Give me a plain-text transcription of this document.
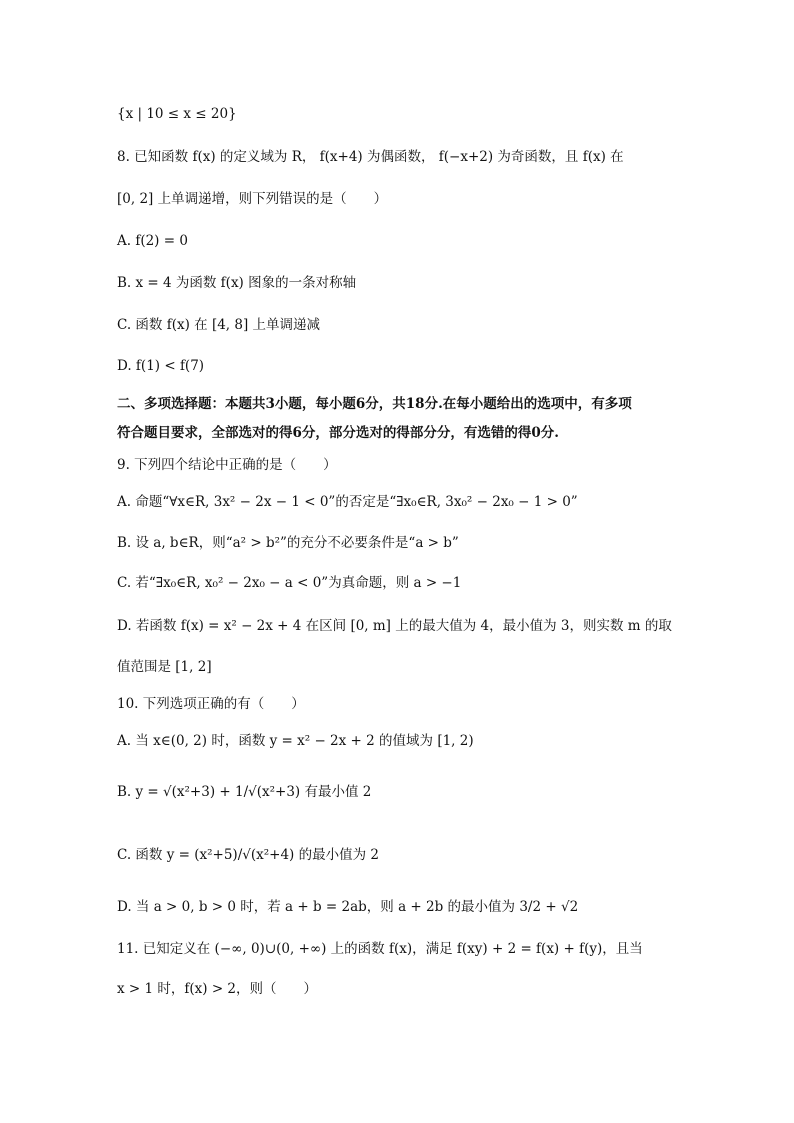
{x | 10 ≤ x ≤ 20}
8. 已知函数 f(x) 的定义域为 R， f(x+4) 为偶函数， f(−x+2) 为奇函数，且 f(x) 在
[0, 2] 上单调递增，则下列错误的是（　　）
A. f(2) = 0
B. x = 4 为函数 f(x) 图象的一条对称轴
C. 函数 f(x) 在 [4, 8] 上单调递减
D. f(1) < f(7)
二、多项选择题：本题共3小题，每小题6分，共18分.在每小题给出的选项中，有多项
符合题目要求，全部选对的得6分，部分选对的得部分分，有选错的得0分.
9. 下列四个结论中正确的是（　　）
A. 命题“∀x∈R, 3x² − 2x − 1 < 0”的否定是“∃x₀∈R, 3x₀² − 2x₀ − 1 > 0”
B. 设 a, b∈R，则“a² > b²”的充分不必要条件是“a > b”
C. 若“∃x₀∈R, x₀² − 2x₀ − a < 0”为真命题，则 a > −1
D. 若函数 f(x) = x² − 2x + 4 在区间 [0, m] 上的最大值为 4，最小值为 3，则实数 m 的取
值范围是 [1, 2]
10. 下列选项正确的有（　　）
A. 当 x∈(0, 2) 时，函数 y = x² − 2x + 2 的值域为 [1, 2)
B. y = √(x²+3) + 1/√(x²+3) 有最小值 2
C. 函数 y = (x²+5)/√(x²+4) 的最小值为 2
D. 当 a > 0, b > 0 时，若 a + b = 2ab，则 a + 2b 的最小值为 3/2 + √2
11. 已知定义在 (−∞, 0)∪(0, +∞) 上的函数 f(x)，满足 f(xy) + 2 = f(x) + f(y)，且当
x > 1 时，f(x) > 2，则（　　）
